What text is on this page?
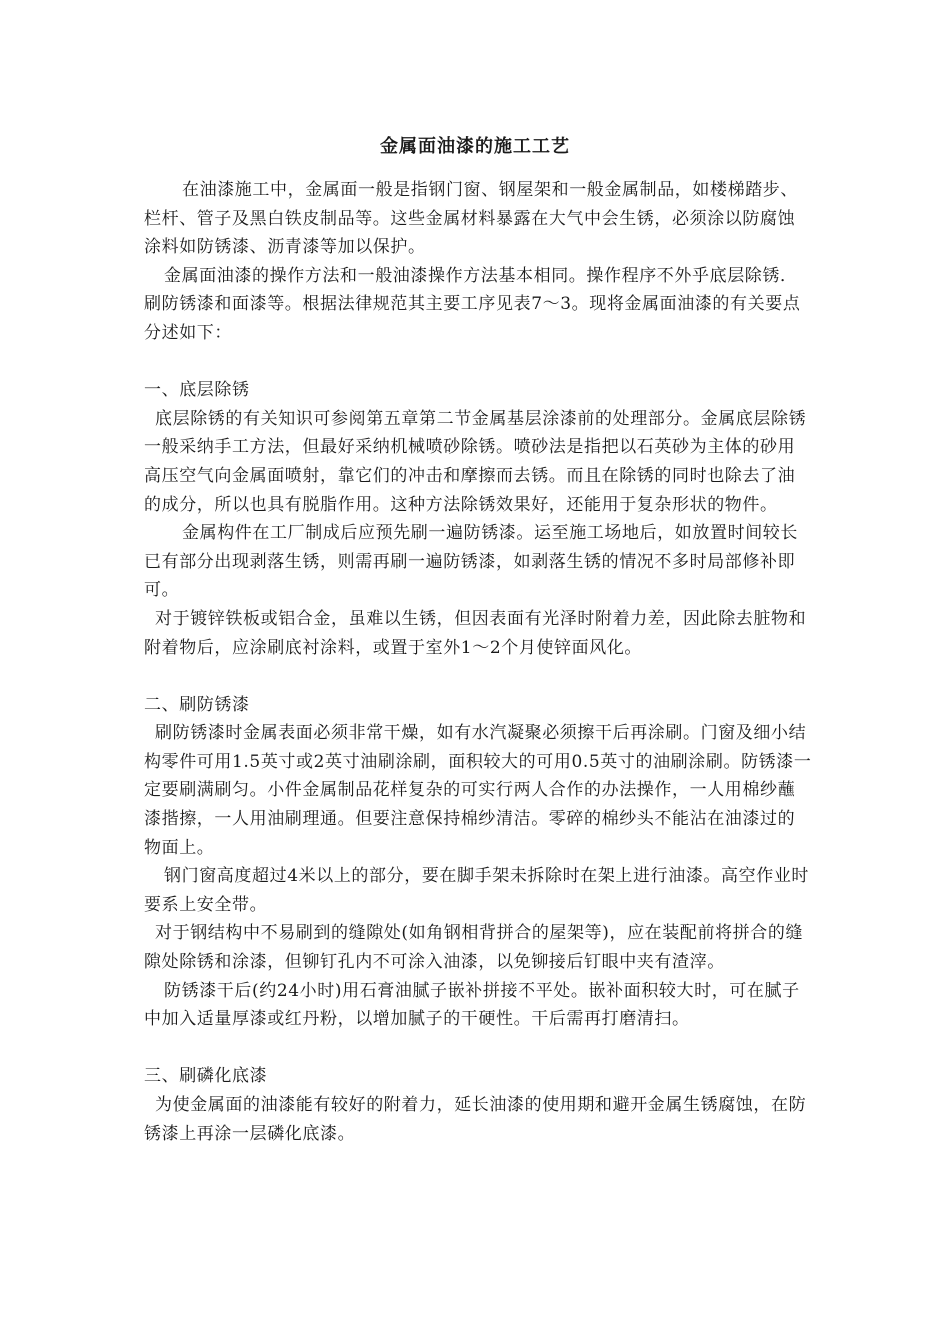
金属面油漆的施工工艺

在油漆施工中，金属面一般是指钢门窗、钢屋架和一般金属制品，如楼梯踏步、栏杆、管子及黑白铁皮制品等。这些金属材料暴露在大气中会生锈，必须涂以防腐蚀涂料如防锈漆、沥青漆等加以保护。

金属面油漆的操作方法和一般油漆操作方法基本相同。操作程序不外乎底层除锈．刷防锈漆和面漆等。根据法律规范其主要工序见表7～3。现将金属面油漆的有关要点分述如下：

一、底层除锈

底层除锈的有关知识可参阅第五章第二节金属基层涂漆前的处理部分。金属底层除锈一般采纳手工方法，但最好采纳机械喷砂除锈。喷砂法是指把以石英砂为主体的砂用高压空气向金属面喷射，靠它们的冲击和摩擦而去锈。而且在除锈的同时也除去了油的成分，所以也具有脱脂作用。这种方法除锈效果好，还能用于复杂形状的物件。

金属构件在工厂制成后应预先刷一遍防锈漆。运至施工场地后，如放置时间较长已有部分出现剥落生锈，则需再刷一遍防锈漆，如剥落生锈的情况不多时局部修补即可。

对于镀锌铁板或铝合金，虽难以生锈，但因表面有光泽时附着力差，因此除去脏物和附着物后，应涂刷底衬涂料，或置于室外1～2个月使锌面风化。

二、刷防锈漆

刷防锈漆时金属表面必须非常干燥，如有水汽凝聚必须擦干后再涂刷。门窗及细小结构零件可用1.5英寸或2英寸油刷涂刷，面积较大的可用0.5英寸的油刷涂刷。防锈漆一定要刷满刷匀。小件金属制品花样复杂的可实行两人合作的办法操作，一人用棉纱蘸漆揩擦，一人用油刷理通。但要注意保持棉纱清洁。零碎的棉纱头不能沾在油漆过的物面上。

钢门窗高度超过4米以上的部分，要在脚手架未拆除时在架上进行油漆。高空作业时要系上安全带。

对于钢结构中不易刷到的缝隙处(如角钢相背拼合的屋架等)，应在装配前将拼合的缝隙处除锈和涂漆，但铆钉孔内不可涂入油漆，以免铆接后钉眼中夹有渣滓。

防锈漆干后(约24小时)用石膏油腻子嵌补拼接不平处。嵌补面积较大时，可在腻子中加入适量厚漆或红丹粉，以增加腻子的干硬性。干后需再打磨清扫。

三、刷磷化底漆

为使金属面的油漆能有较好的附着力，延长油漆的使用期和避开金属生锈腐蚀，在防锈漆上再涂一层磷化底漆。
